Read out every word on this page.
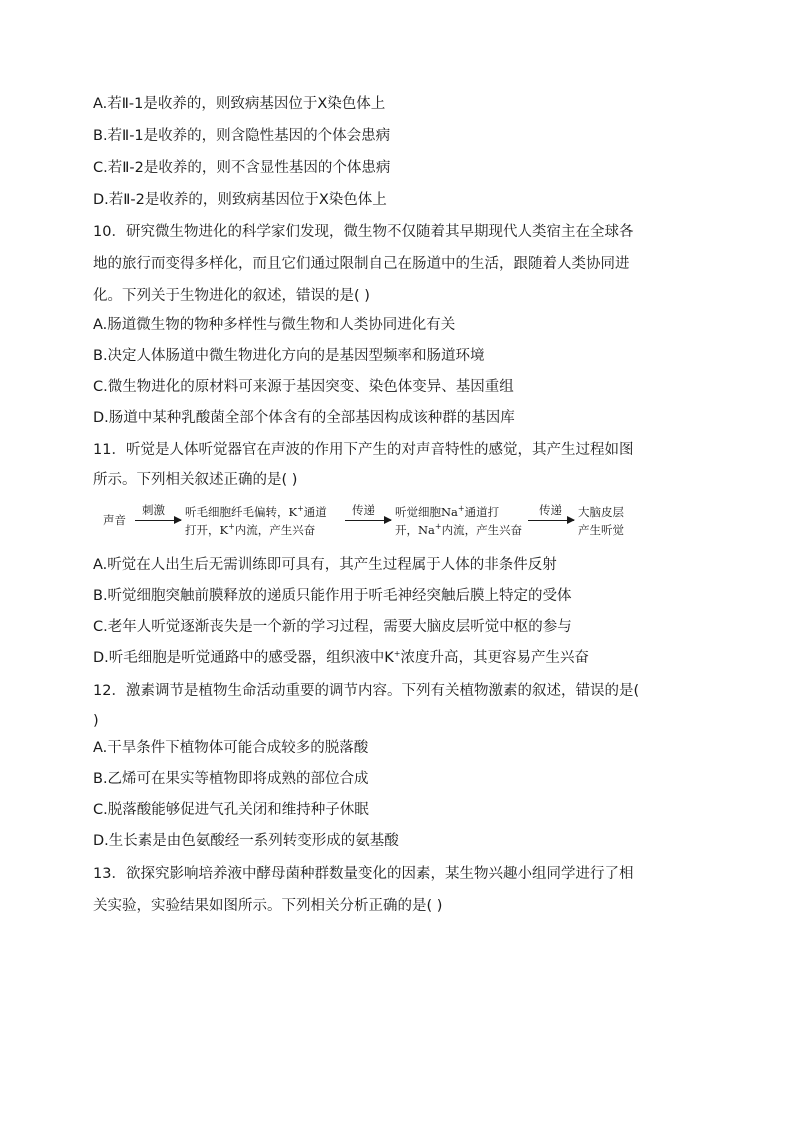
A.若Ⅱ-1是收养的，则致病基因位于X染色体上
B.若Ⅱ-1是收养的，则含隐性基因的个体会患病
C.若Ⅱ-2是收养的，则不含显性基因的个体患病
D.若Ⅱ-2是收养的，则致病基因位于X染色体上
10．研究微生物进化的科学家们发现，微生物不仅随着其早期现代人类宿主在全球各
地的旅行而变得多样化，而且它们通过限制自己在肠道中的生活，跟随着人类协同进
化。下列关于生物进化的叙述，错误的是( )
A.肠道微生物的物种多样性与微生物和人类协同进化有关
B.决定人体肠道中微生物进化方向的是基因型频率和肠道环境
C.微生物进化的原材料可来源于基因突变、染色体变异、基因重组
D.肠道中某种乳酸菌全部个体含有的全部基因构成该种群的基因库
11．听觉是人体听觉器官在声波的作用下产生的对声音特性的感觉，其产生过程如图
所示。下列相关叙述正确的是( )
声音
刺激 听毛细胞纤毛偏转，K+通道
打开，K+内流，产生兴奋
传递 听觉细胞Na+通道打
开，Na+内流，产生兴奋
传递 大脑皮层
产生听觉
A.听觉在人出生后无需训练即可具有，其产生过程属于人体的非条件反射
B.听觉细胞突触前膜释放的递质只能作用于听毛神经突触后膜上特定的受体
C.老年人听觉逐渐丧失是一个新的学习过程，需要大脑皮层听觉中枢的参与
D.听毛细胞是听觉通路中的感受器，组织液中K+浓度升高，其更容易产生兴奋
12．激素调节是植物生命活动重要的调节内容。下列有关植物激素的叙述，错误的是(
)
A.干旱条件下植物体可能合成较多的脱落酸
B.乙烯可在果实等植物即将成熟的部位合成
C.脱落酸能够促进气孔关闭和维持种子休眠
D.生长素是由色氨酸经一系列转变形成的氨基酸
13．欲探究影响培养液中酵母菌种群数量变化的因素，某生物兴趣小组同学进行了相
关实验，实验结果如图所示。下列相关分析正确的是( )
